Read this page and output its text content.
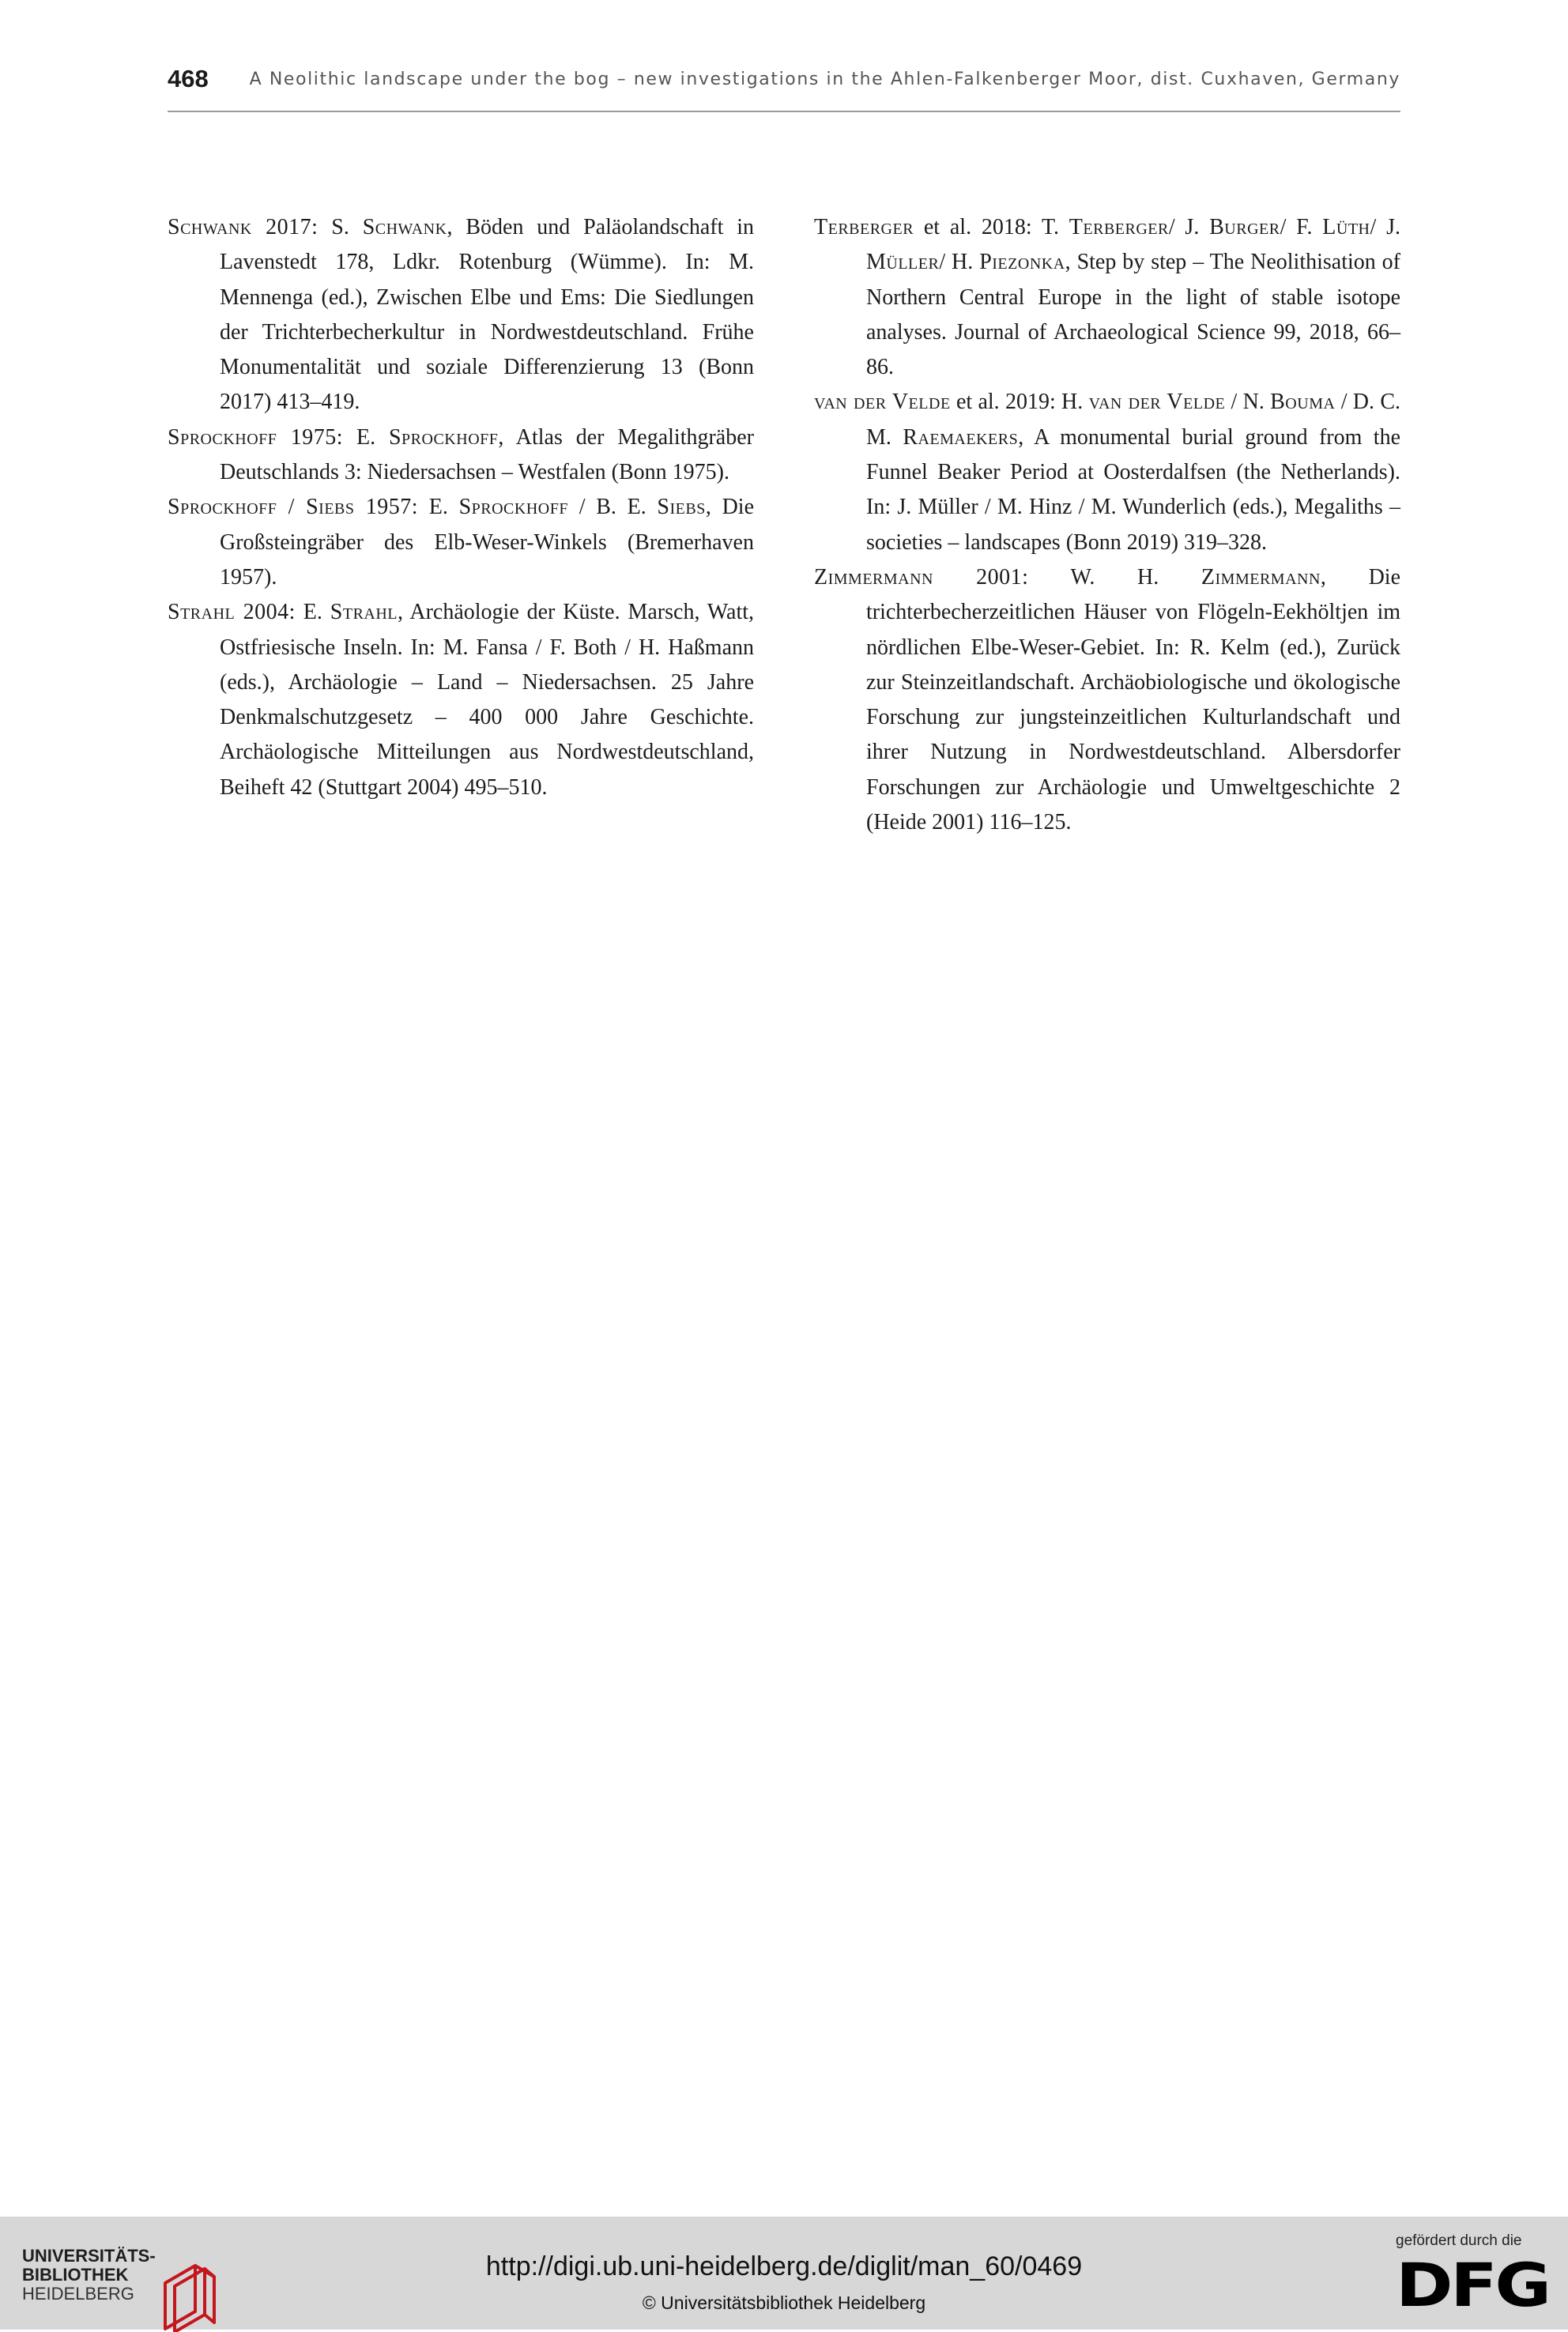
468 A Neolithic landscape under the bog – new investigations in the Ahlen-Falkenberger Moor, dist. Cuxhaven, Germany

Schwank 2017: S. Schwank, Böden und Paläolandschaft in Lavenstedt 178, Ldkr. Rotenburg (Wümme). In: M. Mennenga (ed.), Zwischen Elbe und Ems: Die Siedlungen der Trichterbecherkultur in Nordwestdeutschland. Frühe Monumentalität und soziale Differenzierung 13 (Bonn 2017) 413–419.

Sprockhoff 1975: E. Sprockhoff, Atlas der Megalithgräber Deutschlands 3: Niedersachsen – Westfalen (Bonn 1975).

Sprockhoff / Siebs 1957: E. Sprockhoff / B. E. Siebs, Die Großsteingräber des Elb-Weser-Winkels (Bremerhaven 1957).

Strahl 2004: E. Strahl, Archäologie der Küste. Marsch, Watt, Ostfriesische Inseln. In: M. Fansa / F. Both / H. Haßmann (eds.), Archäologie – Land – Niedersachsen. 25 Jahre Denkmalschutzgesetz – 400 000 Jahre Geschichte. Archäologische Mitteilungen aus Nordwestdeutschland, Beiheft 42 (Stuttgart 2004) 495–510.

Terberger et al. 2018: T. Terberger/ J. Burger/ F. Lüth/ J. Müller/ H. Piezonka, Step by step – The Neolithisation of Northern Central Europe in the light of stable isotope analyses. Journal of Archaeological Science 99, 2018, 66–86.

van der Velde et al. 2019: H. van der Velde / N. Bouma / D. C. M. Raemaekers, A monumental burial ground from the Funnel Beaker Period at Oosterdalfsen (the Netherlands). In: J. Müller / M. Hinz / M. Wunderlich (eds.), Megaliths – societies – landscapes (Bonn 2019) 319–328.

Zimmermann 2001: W. H. Zimmermann, Die trichterbecherzeitlichen Häuser von Flögeln-Eekhöltjen im nördlichen Elbe-Weser-Gebiet. In: R. Kelm (ed.), Zurück zur Steinzeitlandschaft. Archäobiologische und ökologische Forschung zur jungsteinzeitlichen Kulturlandschaft und ihrer Nutzung in Nordwestdeutschland. Albersdorfer Forschungen zur Archäologie und Umweltgeschichte 2 (Heide 2001) 116–125.

UNIVERSITÄTS-
BIBLIOTHEK
HEIDELBERG
http://digi.ub.uni-heidelberg.de/diglit/man_60/0469
© Universitätsbibliothek Heidelberg
gefördert durch die
DFG
